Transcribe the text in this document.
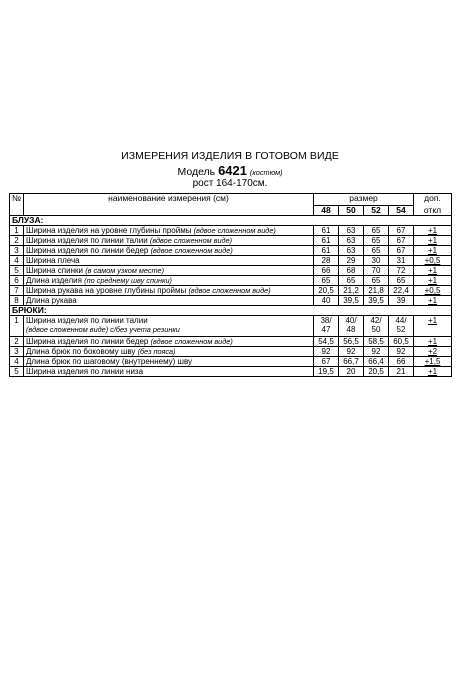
ИЗМЕРЕНИЯ ИЗДЕЛИЯ В ГОТОВОМ ВИДЕ
Модель 6421 (костюм)
рост 164-170см.
№	наименование измерения (см)	размер				доп.
		48	50	52	54	откл
БЛУЗА:						
1	Ширина изделия на уровне глубины проймы (вдвое сложенном виде)	61	63	65	67	+1
2	Ширина изделия по линии талии (вдвое сложенном виде)	61	63	65	67	+1
3	Ширина изделия по линии бедер (вдвое сложенном виде)	61	63	65	67	+1
4	Ширина плеча	28	29	30	31	+0,5
5	Ширина спинки (в самом узком месте)	66	68	70	72	+1
6	Длина изделия (по среднему шву спинки)	65	65	65	65	+1
7	Ширина рукава на уровне глубины проймы (вдвое сложенном виде)	20,5	21,2	21,8	22,4	+0,5
8	Длина рукава	40	39,5	39,5	39	+1
БРЮКИ:						
1	Ширина изделия по линии талии
(вдвое сложенном виде) с/без учета резинки	38/ 47	40/ 48	42/ 50	44/ 52	+1
2	Ширина изделия по линии бедер (вдвое сложенном виде)	54,5	56,5	58,5	60,5	+1
3	Длина брюк по боковому шву (без пояса)	92	92	92	92	+2
4	Длина брюк по шаговому (внутреннему) шву	67	66,7	66,4	66	+1,5
5	Ширина изделия по линии низа	19,5	20	20,5	21	+1
